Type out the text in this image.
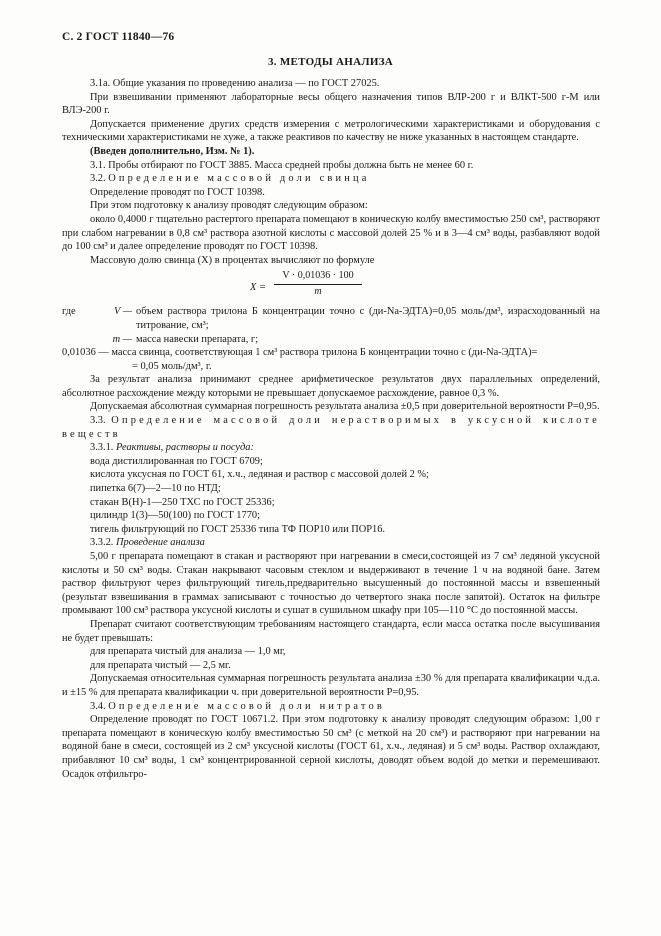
С. 2 ГОСТ 11840—76
3. МЕТОДЫ АНАЛИЗА

3.1а. Общие указания по проведению анализа — по ГОСТ 27025.

При взвешивании применяют лабораторные весы общего назначения типов ВЛР-200 г и ВЛКТ-500 г-М или ВЛЭ-200 г.

Допускается применение других средств измерения с метрологическими характеристиками и оборудования с техническими характеристиками не хуже, а также реактивов по качеству не ниже указанных в настоящем стандарте.

(Введен дополнительно, Изм. № 1).

3.1. Пробы отбирают по ГОСТ 3885. Масса средней пробы должна быть не менее 60 г.

3.2. Определение массовой доли свинца

Определение проводят по ГОСТ 10398.

При этом подготовку к анализу проводят следующим образом:

около 0,4000 г тщательно растертого препарата помещают в коническую колбу вместимостью 250 см³, растворяют при слабом нагревании в 0,8 см³ раствора азотной кислоты с массовой долей 25 % и в 3—4 см³ воды, разбавляют водой до 100 см³ и далее определение проводят по ГОСТ 10398.

Массовую долю свинца (X) в процентах вычисляют по формуле

$X = \frac{V \cdot 0,01036 \cdot 100}{m}$
где	V —	объем раствора трилона Б концентрации точно c (ди-Na-ЭДТА)=0,05 моль/дм³, израсходованный на титрование, см³;
	m —	масса навески препарата, г;

0,01036 — масса свинца, соответствующая 1 см³ раствора трилона Б концентрации точно c (ди-Na-ЭДТА)=

= 0,05 моль/дм³, г.

За результат анализа принимают среднее арифметическое результатов двух параллельных определений, абсолютное расхождение между которыми не превышает допускаемое расхождение, равное 0,3 %.

Допускаемая абсолютная суммарная погрешность результата анализа ±0,5 при доверительной вероятности P=0,95.

3.3. Определение массовой доли нерастворимых в уксусной кислоте веществ

3.3.1. Реактивы, растворы и посуда:

вода дистиллированная по ГОСТ 6709;

кислота уксусная по ГОСТ 61, х.ч., ледяная и раствор с массовой долей 2 %;

пипетка 6(7)—2—10 по НТД;

стакан В(Н)-1—250 ТХС по ГОСТ 25336;

цилиндр 1(3)—50(100) по ГОСТ 1770;

тигель фильтрующий по ГОСТ 25336 типа ТФ ПОР10 или ПОР16.

3.3.2. Проведение анализа

5,00 г препарата помещают в стакан и растворяют при нагревании в смеси,состоящей из 7 см³ ледяной уксусной кислоты и 50 см³ воды. Стакан накрывают часовым стеклом и выдерживают в течение 1 ч на водяной бане. Затем раствор фильтруют через фильтрующий тигель,предварительно высушенный до постоянной массы и взвешенный (результат взвешивания в граммах записывают с точностью до четвертого знака после запятой). Остаток на фильтре промывают 100 см³ раствора уксусной кислоты и сушат в сушильном шкафу при 105—110 °С до постоянной массы.

Препарат считают соответствующим требованиям настоящего стандарта, если масса остатка после высушивания не будет превышать:

для препарата чистый для анализа — 1,0 мг,

для препарата чистый — 2,5 мг.

Допускаемая относительная суммарная погрешность результата анализа ±30 % для препарата квалификации ч.д.а. и ±15 % для препарата квалификации ч. при доверительной вероятности P=0,95.

3.4. Определение массовой доли нитратов

Определение проводят по ГОСТ 10671.2. При этом подготовку к анализу проводят следующим образом: 1,00 г препарата помещают в коническую колбу вместимостью 50 см³ (с меткой на 20 см³) и растворяют при нагревании на водяной бане в смеси, состоящей из 2 см³ уксусной кислоты (ГОСТ 61, х.ч., ледяная) и 5 см³ воды. Раствор охлаждают, прибавляют 10 см³ воды, 1 см³ концентрированной серной кислоты, доводят объем водой до метки и перемешивают. Осадок отфильтро-
